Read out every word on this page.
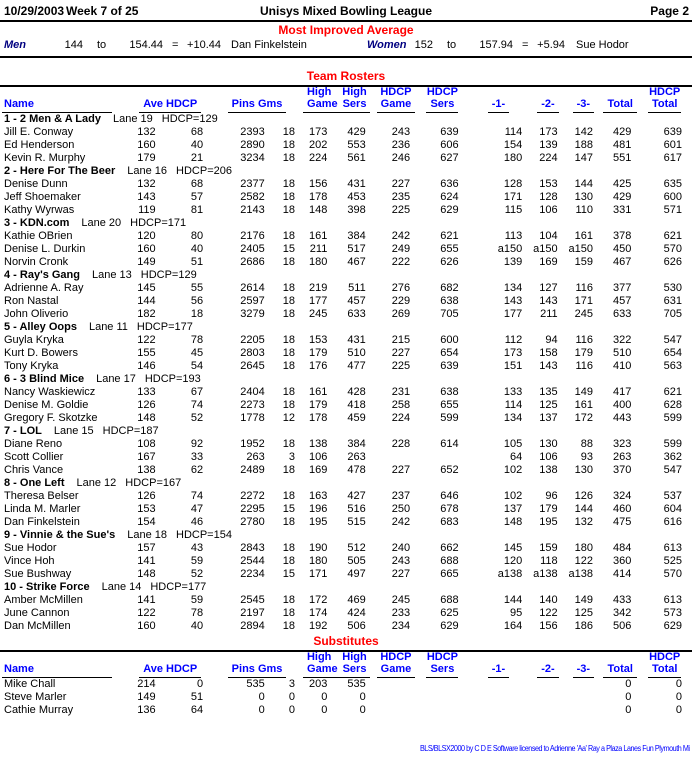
10/29/2003 Week 7 of 25	Unisys Mixed Bowling League	Page 2
Most Improved Average
Men	144 to	154.44 = +10.44 Dan Finkelstein	Women 152 to	157.94 = +5.94 Sue Hodor
Team Rosters
					High	High	HDCP	HDCP					HDCP

Name	Ave HDCP		Pins Gms		Game	Sers	Game	Sers	-1-	-2-	-3-	Total	Total
1 - 2 Men & A Lady Lane 19 HDCP=129													
Jill E. Conway	132	68	2393	18	173	429	243	639	114	173	142	429	639
Ed Henderson	160	40	2890	18	202	553	236	606	154	139	188	481	601
Kevin R. Murphy	179	21	3234	18	224	561	246	627	180	224	147	551	617
2 - Here For The Beer Lane 16 HDCP=206													
Denise Dunn	132	68	2377	18	156	431	227	636	128	153	144	425	635
Jeff Shoemaker	143	57	2582	18	178	453	235	624	171	128	130	429	600
Kathy Wyrwas	119	81	2143	18	148	398	225	629	115	106	110	331	571
3 - KDN.com Lane 20 HDCP=171													
Kathie OBrien	120	80	2176	18	161	384	242	621	113	104	161	378	621
Denise L. Durkin	160	40	2405	15	211	517	249	655	a150	a150	a150	450	570
Norvin Cronk	149	51	2686	18	180	467	222	626	139	169	159	467	626
4 - Ray's Gang Lane 13 HDCP=129													
Adrienne A. Ray	145	55	2614	18	219	511	276	682	134	127	116	377	530
Ron Nastal	144	56	2597	18	177	457	229	638	143	143	171	457	631
John Oliverio	182	18	3279	18	245	633	269	705	177	211	245	633	705
5 - Alley Oops Lane 11 HDCP=177													
Guyla Kryka	122	78	2205	18	153	431	215	600	112	94	116	322	547
Kurt D. Bowers	155	45	2803	18	179	510	227	654	173	158	179	510	654
Tony Kryka	146	54	2645	18	176	477	225	639	151	143	116	410	563
6 - 3 Blind Mice Lane 17 HDCP=193													
Nancy Waskiewicz	133	67	2404	18	161	428	231	638	133	135	149	417	621
Denise M. Goldie	126	74	2273	18	179	418	258	655	114	125	161	400	628
Gregory F. Skotzke	148	52	1778	12	178	459	224	599	134	137	172	443	599
7 - LOL Lane 15 HDCP=187													
Diane Reno	108	92	1952	18	138	384	228	614	105	130	88	323	599
Scott Collier	167	33	263	3	106	263			64	106	93	263	362
Chris Vance	138	62	2489	18	169	478	227	652	102	138	130	370	547
8 - One Left Lane 12 HDCP=167													
Theresa Belser	126	74	2272	18	163	427	237	646	102	96	126	324	537
Linda M. Marler	153	47	2295	15	196	516	250	678	137	179	144	460	604
Dan Finkelstein	154	46	2780	18	195	515	242	683	148	195	132	475	616
9 - Vinnie & the Sue's Lane 18 HDCP=154													
Sue Hodor	157	43	2843	18	190	512	240	662	145	159	180	484	613
Vince Hoh	141	59	2544	18	180	505	243	688	120	118	122	360	525
Sue Bushway	148	52	2234	15	171	497	227	665	a138	a138	a138	414	570
10 - Strike Force Lane 14 HDCP=177													
Amber McMillen	141	59	2545	18	172	469	245	688	144	140	149	433	613
June Cannon	122	78	2197	18	174	424	233	625	95	122	125	342	573
Dan McMillen	160	40	2894	18	192	506	234	629	164	156	186	506	629
Substitutes
					High	High	HDCP	HDCP					HDCP

Name	Ave HDCP		Pins Gms		Game	Sers	Game	Sers	-1-	-2-	-3-	Total	Total
Mike Chall	214	0	535	3	203	535						0	0
Steve Marler	149	51	0	0	0	0						0	0
Cathie Murray	136	64	0	0	0	0						0	0
BLS/BLSX2000 by C D E Software licensed to Adrienne 'Aa' Ray a Plaza Lanes Fun Plymouth Mi
